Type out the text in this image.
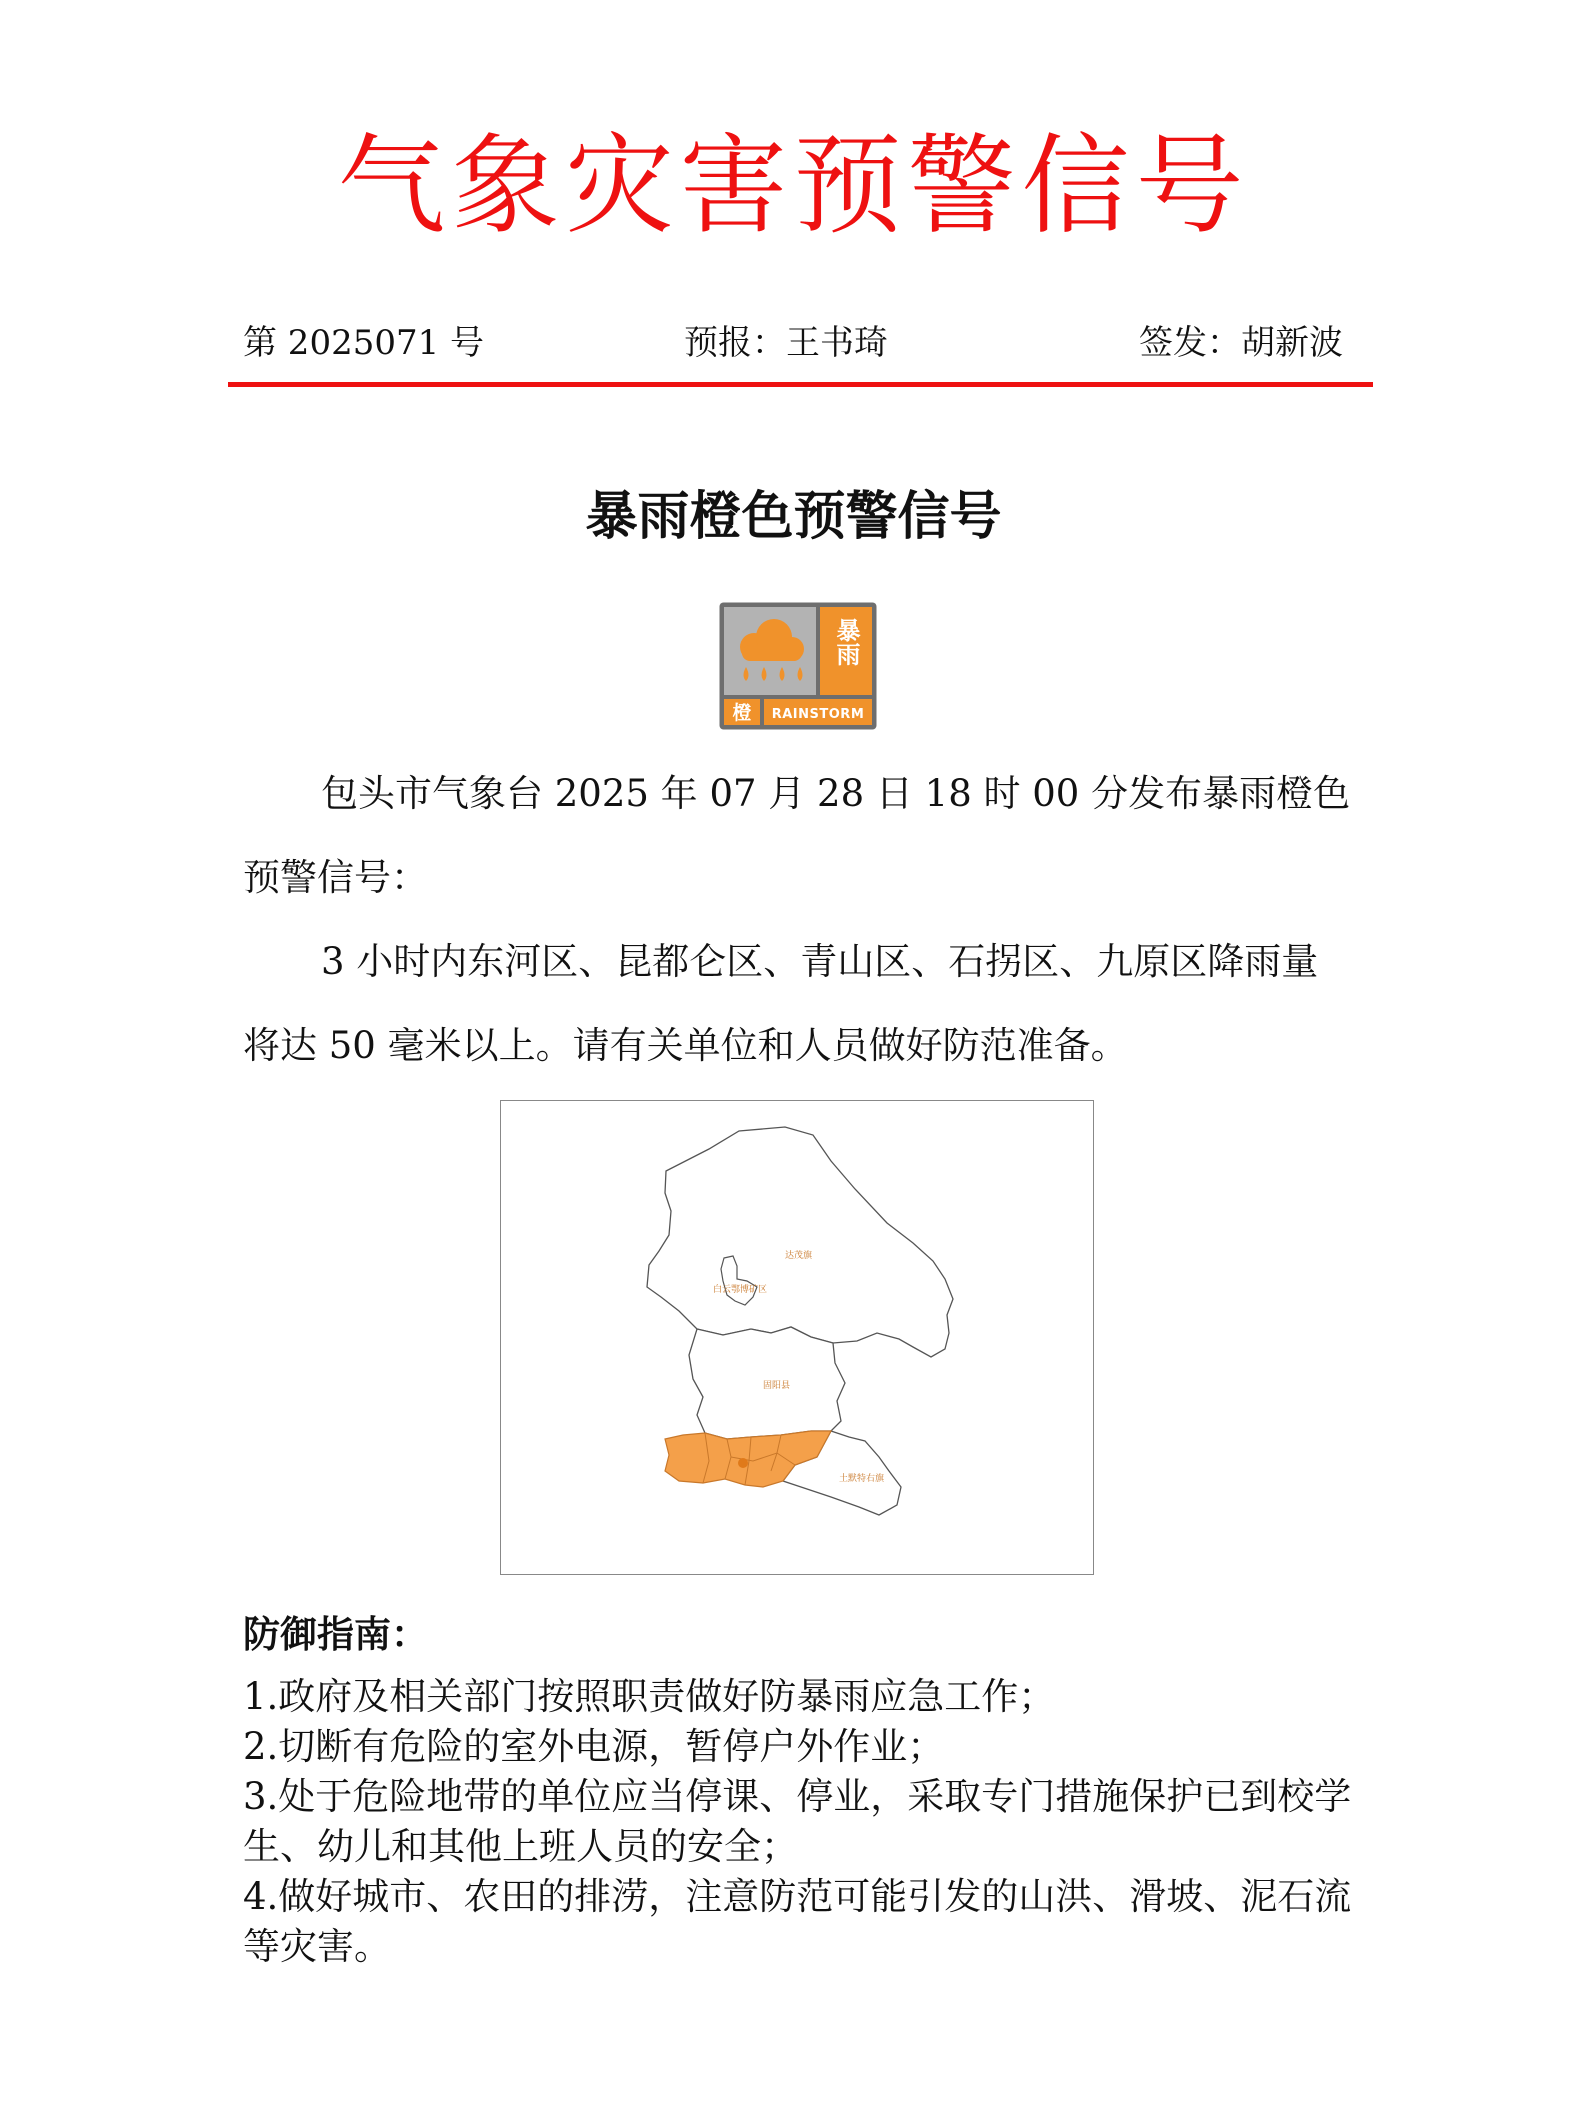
气象灾害预警信号
第 2025071 号	预报：王书琦	签发：胡新波
暴雨橙色预警信号
暴雨
橙 RAINSTORM
包头市气象台 2025 年 07 月 28 日 18 时 00 分发布暴雨橙色预警信号：
3 小时内东河区、昆都仑区、青山区、石拐区、九原区降雨量将达 50 毫米以上。请有关单位和人员做好防范准备。
达茂旗
白云鄂博矿区
固阳县
土默特右旗
防御指南：
1.政府及相关部门按照职责做好防暴雨应急工作；
2.切断有危险的室外电源，暂停户外作业；
3.处于危险地带的单位应当停课、停业，采取专门措施保护已到校学生、幼儿和其他上班人员的安全；
4.做好城市、农田的排涝，注意防范可能引发的山洪、滑坡、泥石流等灾害。
